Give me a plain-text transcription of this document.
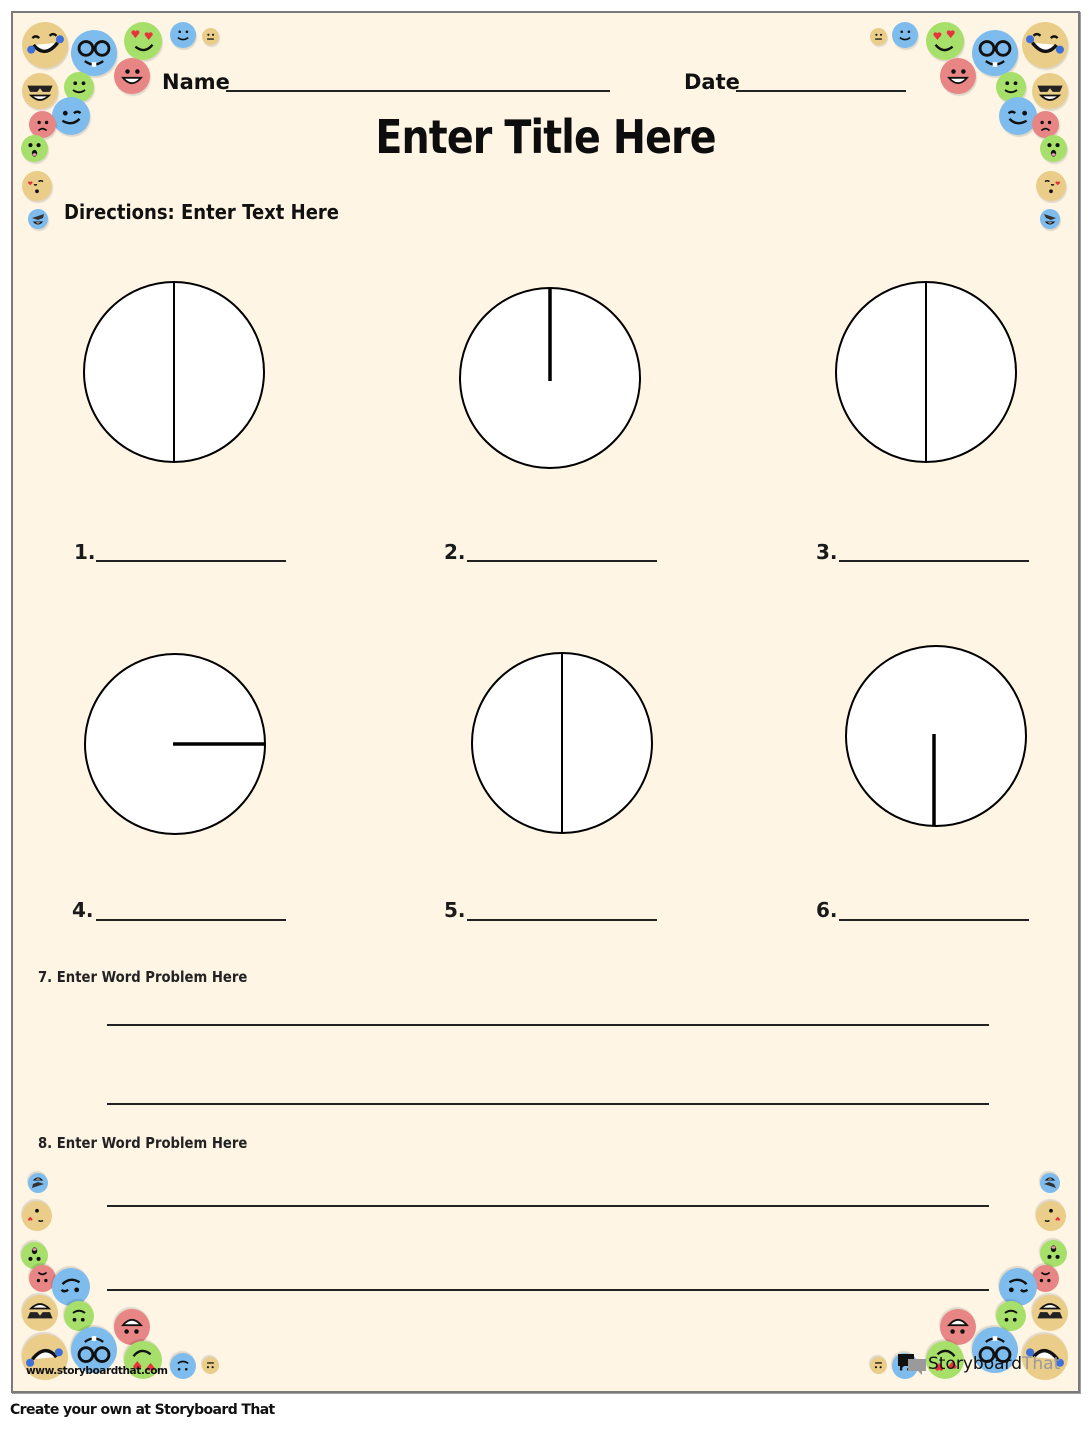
Name	Date
Enter Title Here
Directions: Enter Text Here
1.	2.	3.
4.	5.	6.
7. Enter Word Problem Here
8. Enter Word Problem Here
www.storyboardthat.com	Storyboard That
Create your own at Storyboard That
